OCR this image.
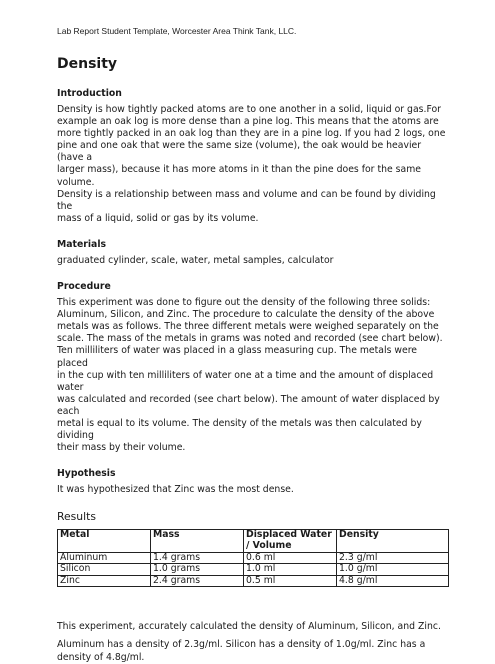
Lab Report Student Template, Worcester Area Think Tank, LLC.
Density
Introduction
Density is how tightly packed atoms are to one another in a solid, liquid or gas.For
example an oak log is more dense than a pine log. This means that the atoms are
more tightly packed in an oak log than they are in a pine log. If you had 2 logs, one
pine and one oak that were the same size (volume), the oak would be heavier (have a
larger mass), because it has more atoms in it than the pine does for the same volume.
Density is a relationship between mass and volume and can be found by dividing the
mass of a liquid, solid or gas by its volume.
Materials
graduated cylinder, scale, water, metal samples, calculator
Procedure
This experiment was done to figure out the density of the following three solids:
Aluminum, Silicon, and Zinc. The procedure to calculate the density of the above
metals was as follows. The three different metals were weighed separately on the
scale. The mass of the metals in grams was noted and recorded (see chart below).
Ten milliliters of water was placed in a glass measuring cup. The metals were placed
in the cup with ten milliliters of water one at a time and the amount of displaced water
was calculated and recorded (see chart below). The amount of water displaced by each
metal is equal to its volume. The density of the metals was then calculated by dividing
their mass by their volume.
Hypothesis
It was hypothesized that Zinc was the most dense.
Results
Metal	Mass	Displaced Water / Volume	Density
Aluminum	1.4 grams	0.6 ml	2.3 g/ml
Silicon	1.0 grams	1.0 ml	1.0 g/ml
Zinc	2.4 grams	0.5 ml	4.8 g/ml
This experiment, accurately calculated the density of Aluminum, Silicon, and Zinc.
Aluminum has a density of 2.3g/ml. Silicon has a density of 1.0g/ml. Zinc has a
density of 4.8g/ml.
